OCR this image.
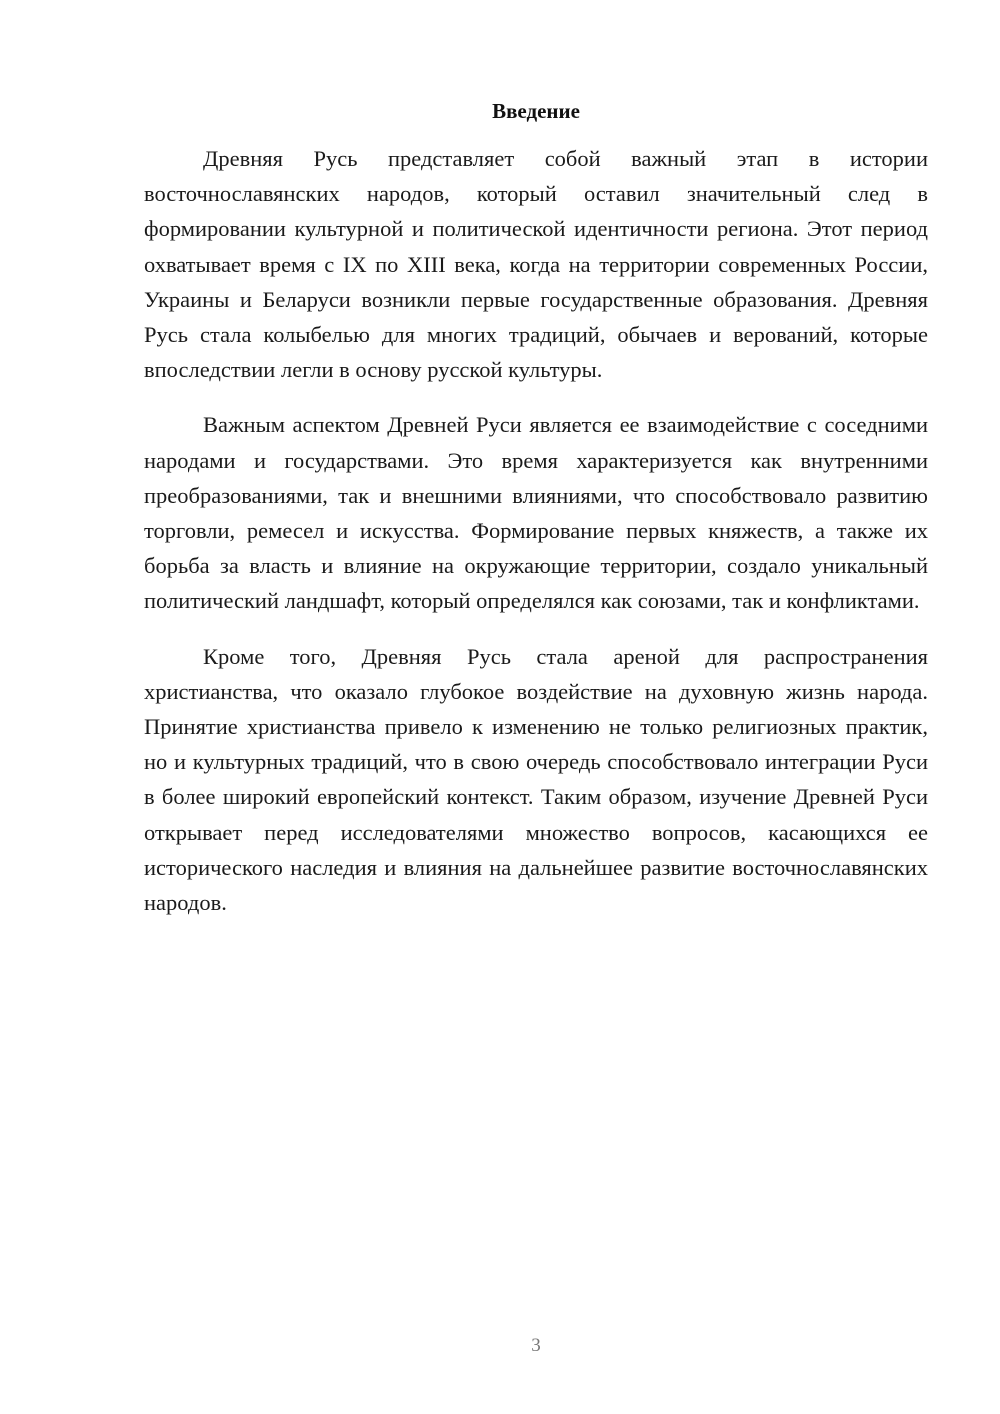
Введение

Древняя Русь представляет собой важный этап в истории восточнославянских народов, который оставил значительный след в формировании культурной и политической идентичности региона. Этот период охватывает время с IX по XIII века, когда на территории современных России, Украины и Беларуси возникли первые государственные образования. Древняя Русь стала колыбелью для многих традиций, обычаев и верований, которые впоследствии легли в основу русской культуры.

Важным аспектом Древней Руси является ее взаимодействие с соседними народами и государствами. Это время характеризуется как внутренними преобразованиями, так и внешними влияниями, что способствовало развитию торговли, ремесел и искусства. Формирование первых княжеств, а также их борьба за власть и влияние на окружающие территории, создало уникальный политический ландшафт, который определялся как союзами, так и конфликтами.

Кроме того, Древняя Русь стала ареной для распространения христианства, что оказало глубокое воздействие на духовную жизнь народа. Принятие христианства привело к изменению не только религиозных практик, но и культурных традиций, что в свою очередь способствовало интеграции Руси в более широкий европейский контекст. Таким образом, изучение Древней Руси открывает перед исследователями множество вопросов, касающихся ее исторического наследия и влияния на дальнейшее развитие восточнославянских народов.

3
